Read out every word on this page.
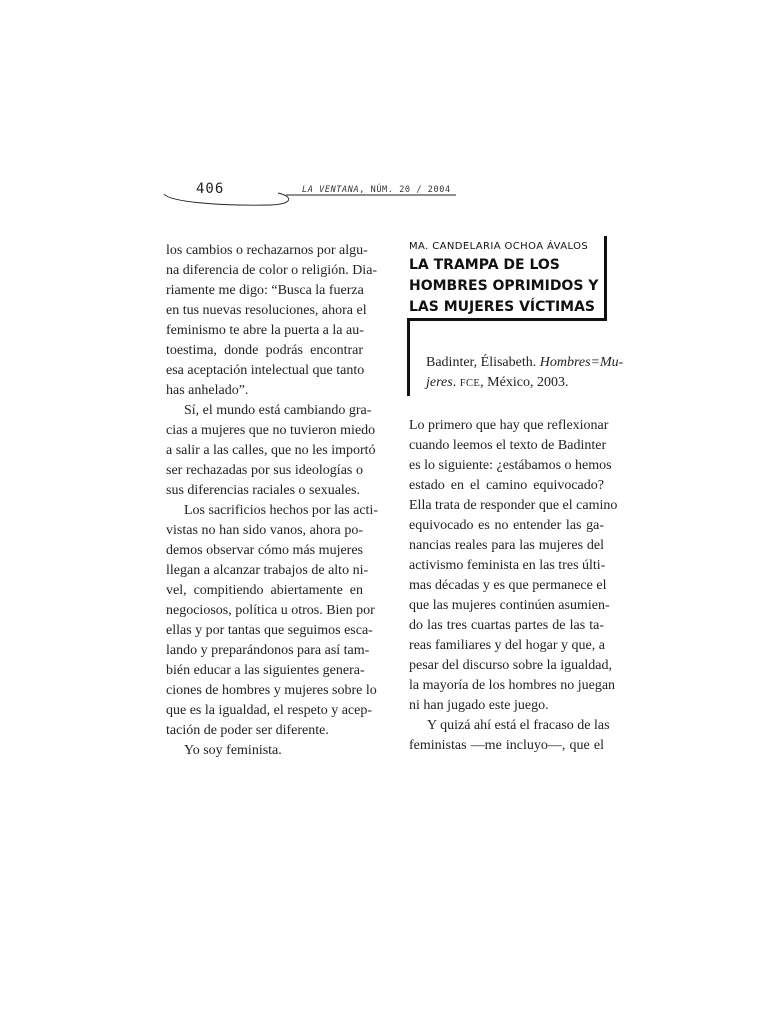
406	LA VENTANA, NÚM. 20 / 2004
los cambios o rechazarnos por algu-
na diferencia de color o religión. Dia-
riamente me digo: “Busca la fuerza
en tus nuevas resoluciones, ahora el
feminismo te abre la puerta a la au-
toestima, donde podrás encontrar
esa aceptación intelectual que tanto
has anhelado”.
Sí, el mundo está cambiando gra-
cias a mujeres que no tuvieron miedo
a salir a las calles, que no les importó
ser rechazadas por sus ideologías o
sus diferencias raciales o sexuales.
Los sacrificios hechos por las acti-
vistas no han sido vanos, ahora po-
demos observar cómo más mujeres
llegan a alcanzar trabajos de alto ni-
vel, compitiendo abiertamente en
negociosos, política u otros. Bien por
ellas y por tantas que seguimos esca-
lando y preparándonos para así tam-
bién educar a las siguientes genera-
ciones de hombres y mujeres sobre lo
que es la igualdad, el respeto y acep-
tación de poder ser diferente.
Yo soy feminista.
MA. CANDELARIA OCHOA ÁVALOS
LA TRAMPA DE LOS
HOMBRES OPRIMIDOS Y
LAS MUJERES VÍCTIMAS
Badinter, Élisabeth. Hombres=Mu-
jeres. FCE, México, 2003.
Lo primero que hay que reflexionar
cuando leemos el texto de Badinter
es lo siguiente: ¿estábamos o hemos
estado en el camino equivocado?
Ella trata de responder que el camino
equivocado es no entender las ga-
nancias reales para las mujeres del
activismo feminista en las tres últi-
mas décadas y es que permanece el
que las mujeres continúen asumien-
do las tres cuartas partes de las ta-
reas familiares y del hogar y que, a
pesar del discurso sobre la igualdad,
la mayoría de los hombres no juegan
ni han jugado este juego.
Y quizá ahí está el fracaso de las
feministas —me incluyo—, que el
